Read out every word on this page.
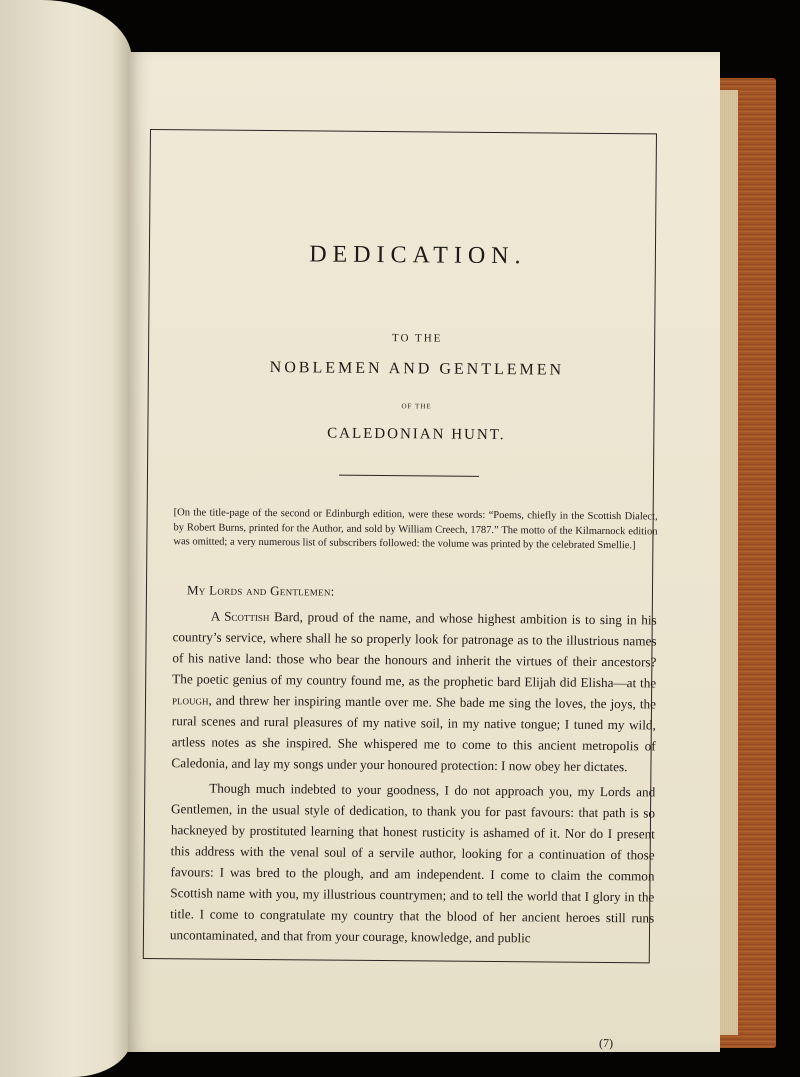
DEDICATION.
TO THE
NOBLEMEN AND GENTLEMEN
OF THE
CALEDONIAN HUNT.

[On the title-page of the second or Edinburgh edition, were these words: “Poems, chiefly in the Scottish Dialect, by Robert Burns, printed for the Author, and sold by William Creech, 1787.” The motto of the Kilmarnock edition was omitted; a very numerous list of subscribers followed: the volume was printed by the celebrated Smellie.]

My Lords and Gentlemen:

A Scottish Bard, proud of the name, and whose highest ambition is to sing in his country’s service, where shall he so properly look for patronage as to the illustrious names of his native land: those who bear the honours and inherit the virtues of their ancestors? The poetic genius of my country found me, as the prophetic bard Elijah did Elisha—at the plough, and threw her inspiring mantle over me. She bade me sing the loves, the joys, the rural scenes and rural pleasures of my native soil, in my native tongue; I tuned my wild, artless notes as she inspired. She whispered me to come to this ancient metropolis of Caledonia, and lay my songs under your honoured protection: I now obey her dictates.

Though much indebted to your goodness, I do not approach you, my Lords and Gentlemen, in the usual style of dedication, to thank you for past favours: that path is so hackneyed by prostituted learning that honest rusticity is ashamed of it. Nor do I present this address with the venal soul of a servile author, looking for a continuation of those favours: I was bred to the plough, and am independent. I come to claim the common Scottish name with you, my illustrious countrymen; and to tell the world that I glory in the title. I come to congratulate my country that the blood of her ancient heroes still runs uncontaminated, and that from your courage, knowledge, and public

(7)
